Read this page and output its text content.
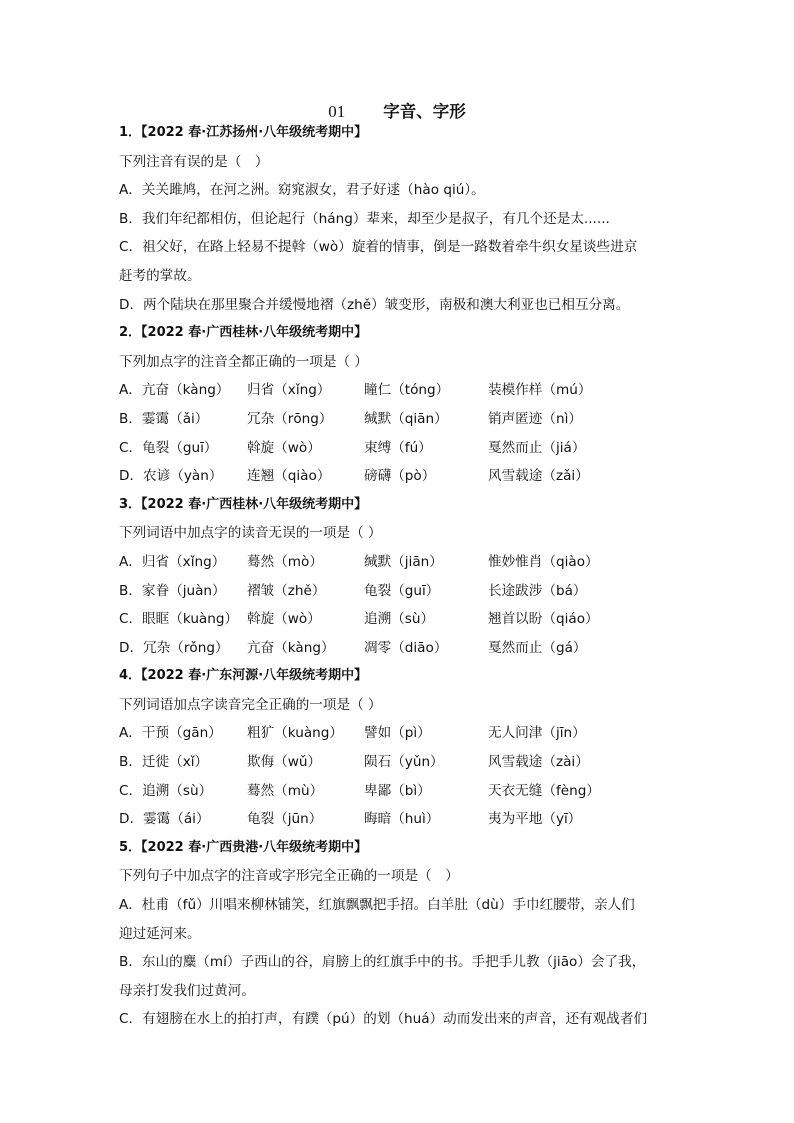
01 字音、字形
1．【2022 春·江苏扬州·八年级统考期中】
下列注音有误的是（　）
A．关关雎鸠，在河之洲。窈窕淑女，君子好逑（hào qiú）。
B．我们年纪都相仿，但论起行（háng）辈来，却至少是叔子，有几个还是太......
C．祖父好，在路上轻易不提斡（wò）旋着的情事，倒是一路数着牵牛织女星谈些进京
赶考的掌故。
D．两个陆块在那里聚合并缓慢地褶（zhě）皱变形，南极和澳大利亚也已相互分离。
2．【2022 春·广西桂林·八年级统考期中】
下列加点字的注音全都正确的一项是（ ）
A．亢奋（kàng） 归省（xǐng） 瞳仁（tóng）	装模作样（mú）
B．霎霭（ǎi）	冗杂（rōng） 缄默（qiān）	销声匿迹（nì）
C．龟裂（guī） 斡旋（wò）	束缚（fú）	戛然而止（jiá）
D．农谚（yàn） 连翘（qiào） 磅礴（pò）	风雪载途（zǎi）
3．【2022 春·广西桂林·八年级统考期中】
下列词语中加点字的读音无误的一项是（ ）
A．归省（xǐng） 蓦然（mò）	缄默（jiān）	惟妙惟肖（qiào）
B．家眷（juàn） 褶皱（zhě）	龟裂（guī）	长途跋涉（bá）
C．眼眶（kuàng） 斡旋（wò）	追溯（sù）	翘首以盼（qiáo）
D．冗杂（rǒng） 亢奋（kàng） 凋零（diāo）	戛然而止（gá）
4．【2022 春·广东河源·八年级统考期中】
下列词语加点字读音完全正确的一项是（ ）
A．干预（gān） 粗犷（kuàng） 譬如（pì）	无人问津（jīn）
B．迁徙（xǐ）	欺侮（wǔ）	陨石（yǔn）	风雪载途（zài）
C．追溯（sù）	蓦然（mù）	卑鄙（bì）	天衣无缝（fèng）
D．霎霭（ái）	龟裂（jūn）	晦暗（huì）	夷为平地（yī）
5．【2022 春·广西贵港·八年级统考期中】
下列句子中加点字的注音或字形完全正确的一项是（　）
A．杜甫（fǔ）川唱来柳林铺笑，红旗飘飘把手招。白羊肚（dù）手巾红腰带，亲人们
迎过延河来。
B．东山的麋（mí）子西山的谷，肩膀上的红旗手中的书。手把手儿教（jiāo）会了我，
母亲打发我们过黄河。
C．有翅膀在水上的拍打声，有蹼（pú）的划（huá）动而发出来的声音，还有观战者们
